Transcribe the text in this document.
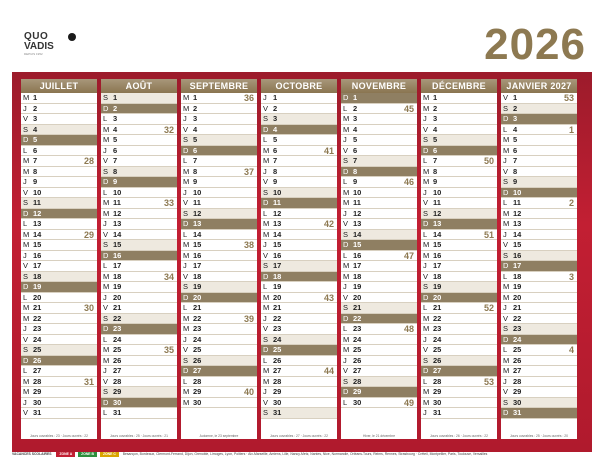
QUO
VADIS
DEPUIS 1952	2026
JUILLET
M 1
J 2
V 3
S 4
D 5
L 6
M 7	28
M 8
J 9
V 10
S 11
D 12
L 13
M 14	29
M 15
J 16
V 17
S 18
D 19
L 20
M 21	30
M 22
J 23
V 24
S 25
D 26
L 27
M 28	31
M 29
J 30
V 31
Jours ouvrables : 23 · Jours ouvrés : 22
AOÛT
S 1
D 2
L 3
M 4	32
M 5
J 6
V 7
S 8
D 9
L 10
M 11	33
M 12
J 13
V 14
S 15
D 16
L 17
M 18	34
M 19
J 20
V 21
S 22
D 23
L 24
M 25	35
M 26
J 27
V 28
S 29
D 30
L 31
Jours ouvrables : 25 · Jours ouvrés : 21
SEPTEMBRE
M 1	36
M 2
J 3
V 4
S 5
D 6
L 7
M 8	37
M 9
J 10
V 11
S 12
D 13
L 14
M 15	38
M 16
J 17
V 18
S 19
D 20
L 21
M 22	39
M 23
J 24
V 25
S 26
D 27
L 28
M 29	40
M 30
Automne, le 23 septembre
OCTOBRE
J 1
V 2
S 3
D 4
L 5
M 6	41
M 7
J 8
V 9
S 10
D 11
L 12
M 13	42
M 14
J 15
V 16
S 17
D 18
L 19
M 20	43
M 21
J 22
V 23
S 24
D 25
L 26
M 27	44
M 28
J 29
V 30
S 31
Jours ouvrables : 27 · Jours ouvrés : 22
NOVEMBRE
D 1
L 2	45
M 3
M 4
J 5
V 6
S 7
D 8
L 9	46
M 10
M 11
J 12
V 13
S 14
D 15
L 16	47
M 17
M 18
J 19
V 20
S 21
D 22
L 23	48
M 24
M 25
J 26
V 27
S 28
D 29
L 30	49
Hiver, le 21 décembre
DÉCEMBRE
M 1
M 2
J 3
V 4
S 5
D 6
L 7	50
M 8
M 9
J 10
V 11
S 12
D 13
L 14	51
M 15
M 16
J 17
V 18
S 19
D 20
L 21	52
M 22
M 23
J 24
V 25
S 26
D 27
L 28	53
M 29
M 30
J 31
Jours ouvrables : 26 · Jours ouvrés : 22
JANVIER 2027
V 1	53
S 2
D 3
L 4	1
M 5
M 6
J 7
V 8
S 9
D 10
L 11	2
M 12
M 13
J 14
V 15
S 16
D 17
L 18	3
M 19
M 20
J 21
V 22
S 23
D 24
L 25	4
M 26
M 27
J 28
V 29
S 30
D 31
Jours ouvrables : 25 · Jours ouvrés : 20
VACANCES SCOLAIRES ZONE A	ZONE B	ZONE C Besançon, Bordeaux, Clermont-Ferrand, Dijon, Grenoble, Limoges, Lyon, Poitiers · Aix-Marseille, Amiens, Lille, Nancy-Metz, Nantes, Nice, Normandie, Orléans-Tours, Reims, Rennes, Strasbourg · Créteil, Montpellier, Paris, Toulouse, Versailles
